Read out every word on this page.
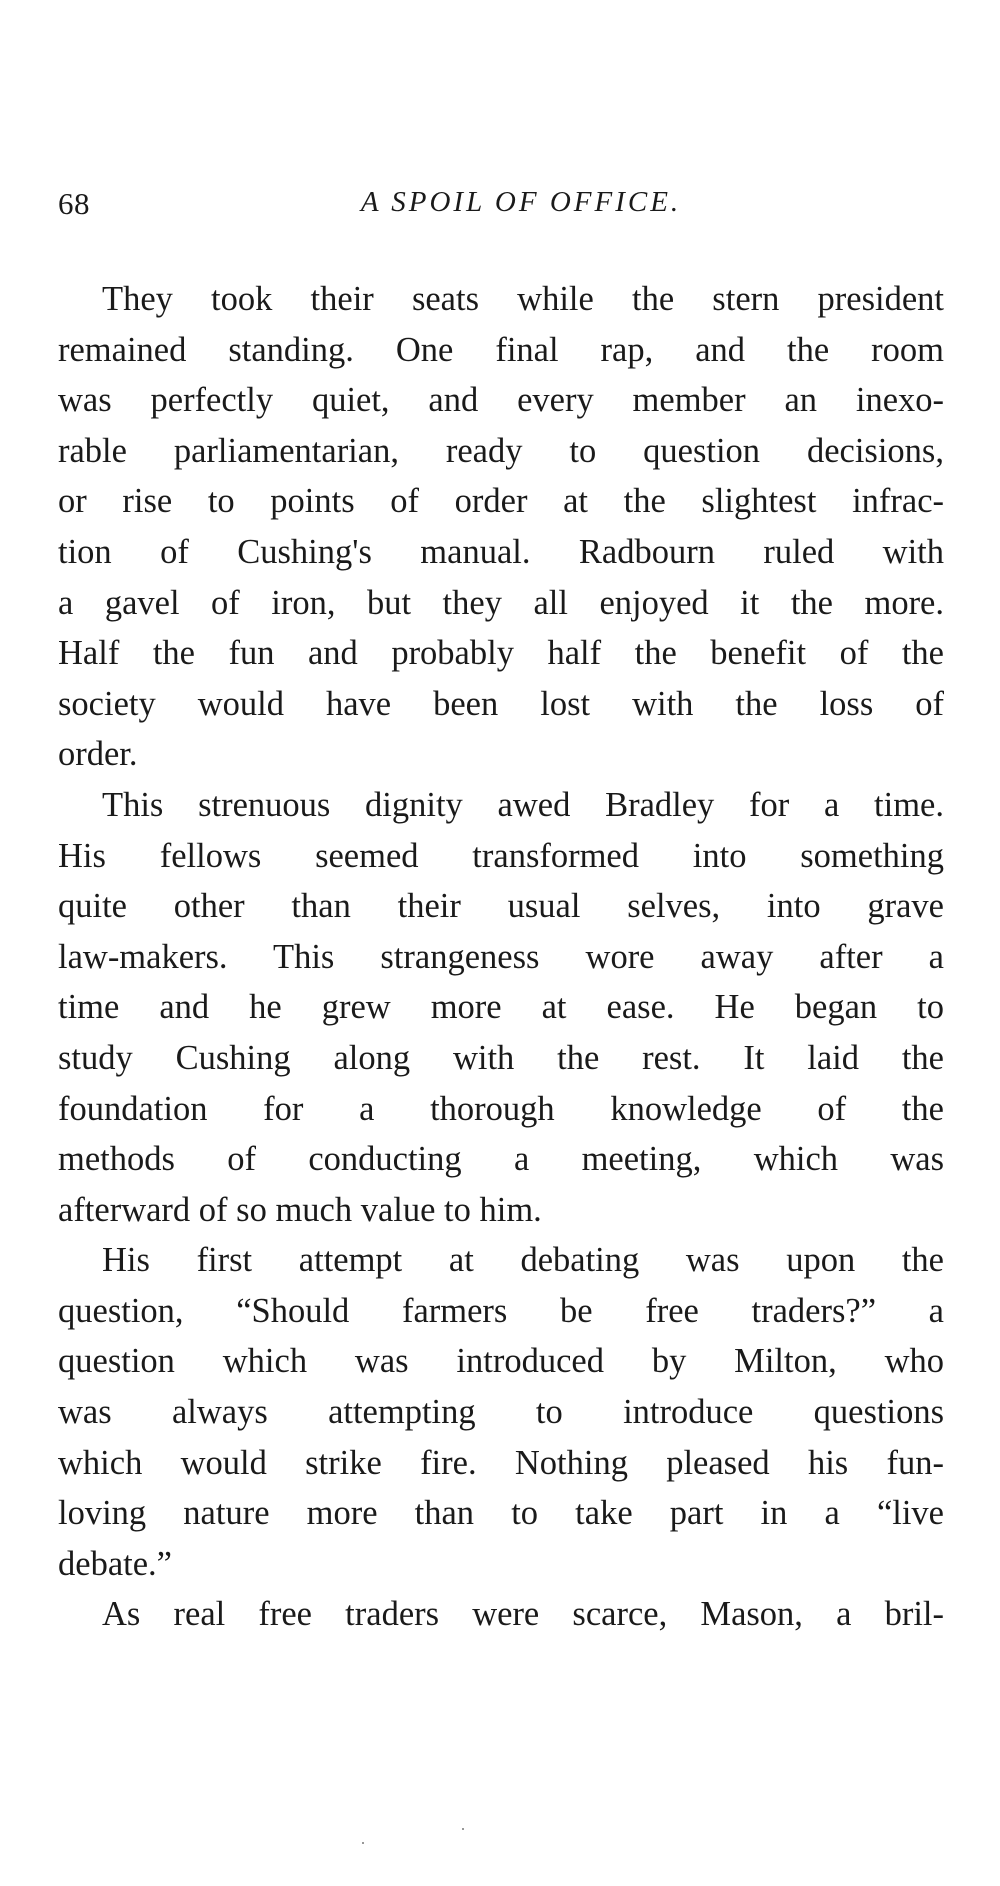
68	A SPOIL OF OFFICE.
They took their seats while the stern president
remained standing. One final rap, and the room
was perfectly quiet, and every member an inexo-
rable parliamentarian, ready to question decisions,
or rise to points of order at the slightest infrac-
tion of Cushing's manual. Radbourn ruled with
a gavel of iron, but they all enjoyed it the more.
Half the fun and probably half the benefit of the
society would have been lost with the loss of
order.
This strenuous dignity awed Bradley for a time.
His fellows seemed transformed into something
quite other than their usual selves, into grave
law-makers. This strangeness wore away after a
time and he grew more at ease. He began to
study Cushing along with the rest. It laid the
foundation for a thorough knowledge of the
methods of conducting a meeting, which was
afterward of so much value to him.
His first attempt at debating was upon the
question, “Should farmers be free traders?” a
question which was introduced by Milton, who
was always attempting to introduce questions
which would strike fire. Nothing pleased his fun-
loving nature more than to take part in a “live
debate.”
As real free traders were scarce, Mason, a bril-
